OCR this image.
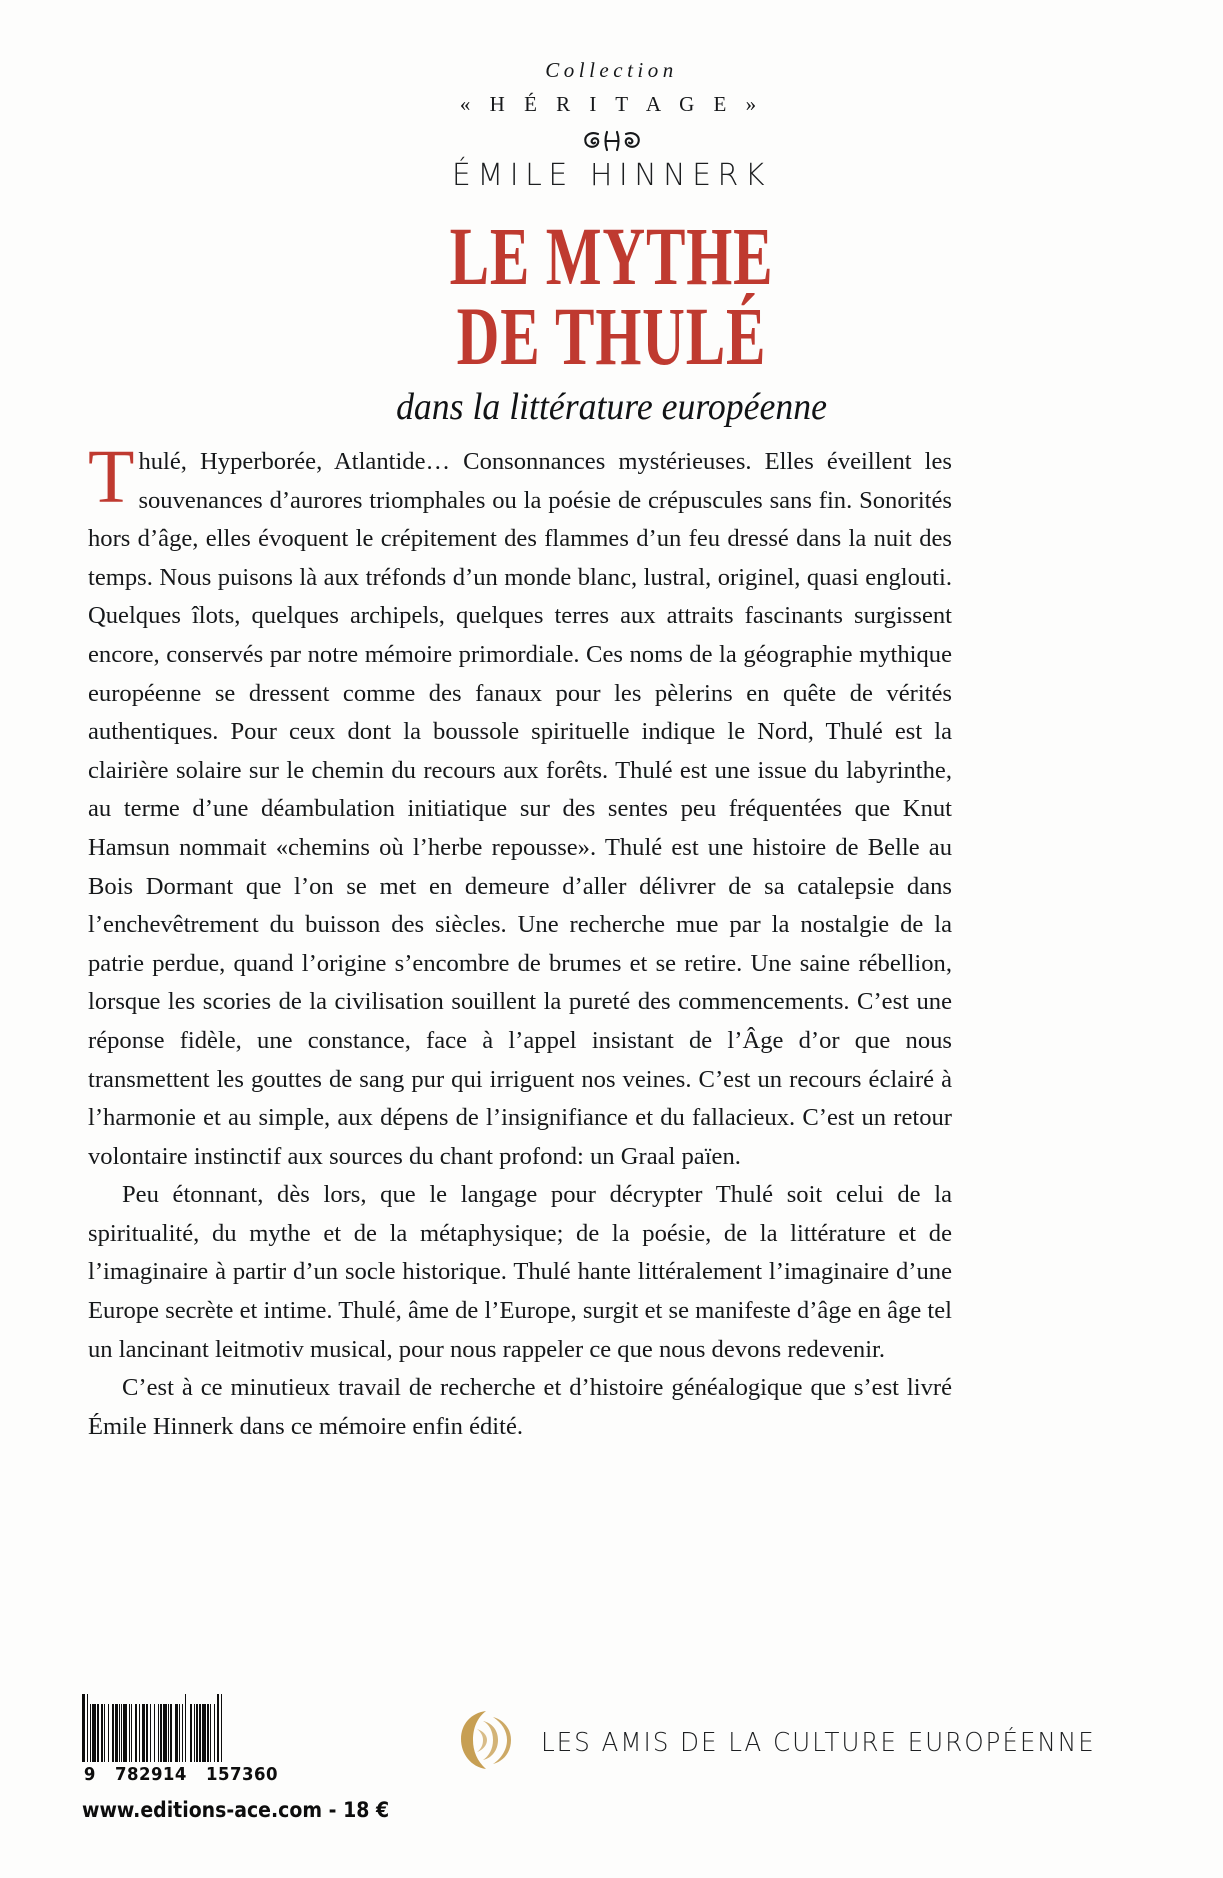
Collection
« H É R I T A G E »
ÉMILE HINNERK
LE MYTHE
DE THULÉ
dans la littérature européenne

Thulé, Hyperborée, Atlantide… Consonnances mystérieuses. Elles éveillent les souvenances d’aurores triomphales ou la poésie de crépuscules sans fin. Sonorités hors d’âge, elles évoquent le crépitement des flammes d’un feu dressé dans la nuit des temps. Nous puisons là aux tréfonds d’un monde blanc, lustral, originel, quasi englouti. Quelques îlots, quelques archipels, quelques terres aux attraits fascinants surgissent encore, conservés par notre mémoire primordiale. Ces noms de la géographie mythique européenne se dressent comme des fanaux pour les pèlerins en quête de vérités authentiques. Pour ceux dont la boussole spirituelle indique le Nord, Thulé est la clairière solaire sur le chemin du recours aux forêts. Thulé est une issue du labyrinthe, au terme d’une déambulation initiatique sur des sentes peu fréquentées que Knut Hamsun nommait «chemins où l’herbe repousse». Thulé est une histoire de Belle au Bois Dormant que l’on se met en demeure d’aller délivrer de sa catalepsie dans l’enchevêtrement du buisson des siècles. Une recherche mue par la nostalgie de la patrie perdue, quand l’origine s’encombre de brumes et se retire. Une saine rébellion, lorsque les scories de la civilisation souillent la pureté des commencements. C’est une réponse fidèle, une constance, face à l’appel insistant de l’Âge d’or que nous transmettent les gouttes de sang pur qui irriguent nos veines. C’est un recours éclairé à l’harmonie et au simple, aux dépens de l’insignifiance et du fallacieux. C’est un retour volontaire instinctif aux sources du chant profond: un Graal païen.

Peu étonnant, dès lors, que le langage pour décrypter Thulé soit celui de la spiritualité, du mythe et de la métaphysique; de la poésie, de la littérature et de l’imaginaire à partir d’un socle historique. Thulé hante littéralement l’imaginaire d’une Europe secrète et intime. Thulé, âme de l’Europe, surgit et se manifeste d’âge en âge tel un lancinant leitmotiv musical, pour nous rappeler ce que nous devons redevenir.

C’est à ce minutieux travail de recherche et d’histoire généalogique que s’est livré Émile Hinnerk dans ce mémoire enfin édité.

9 782914 157360
www.editions-ace.com - 18 €
LES AMIS DE LA CULTURE EUROPÉENNE
